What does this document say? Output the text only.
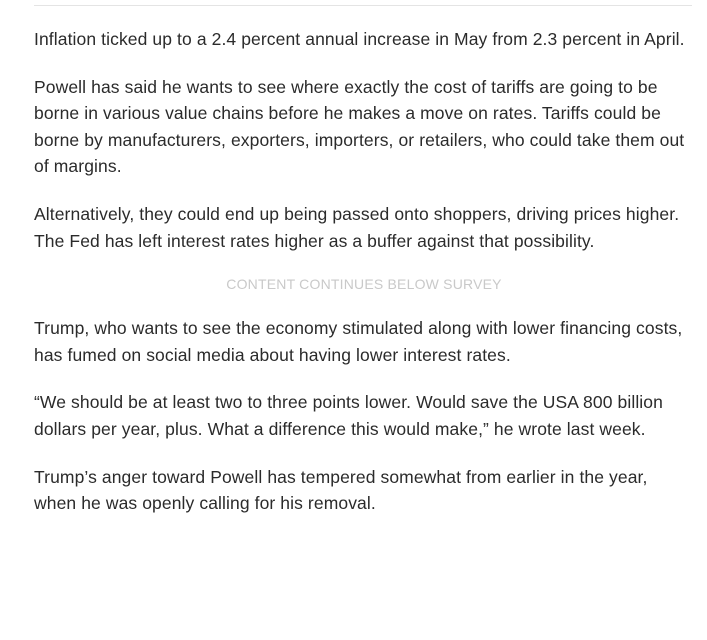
Inflation ticked up to a 2.4 percent annual increase in May from 2.3 percent in April.

Powell has said he wants to see where exactly the cost of tariffs are going to be borne in various value chains before he makes a move on rates. Tariffs could be borne by manufacturers, exporters, importers, or retailers, who could take them out of margins.

Alternatively, they could end up being passed onto shoppers, driving prices higher. The Fed has left interest rates higher as a buffer against that possibility.

CONTENT CONTINUES BELOW SURVEY

Trump, who wants to see the economy stimulated along with lower financing costs, has fumed on social media about having lower interest rates.

“We should be at least two to three points lower. Would save the USA 800 billion dollars per year, plus. What a difference this would make,” he wrote last week.

Trump’s anger toward Powell has tempered somewhat from earlier in the year, when he was openly calling for his removal.
